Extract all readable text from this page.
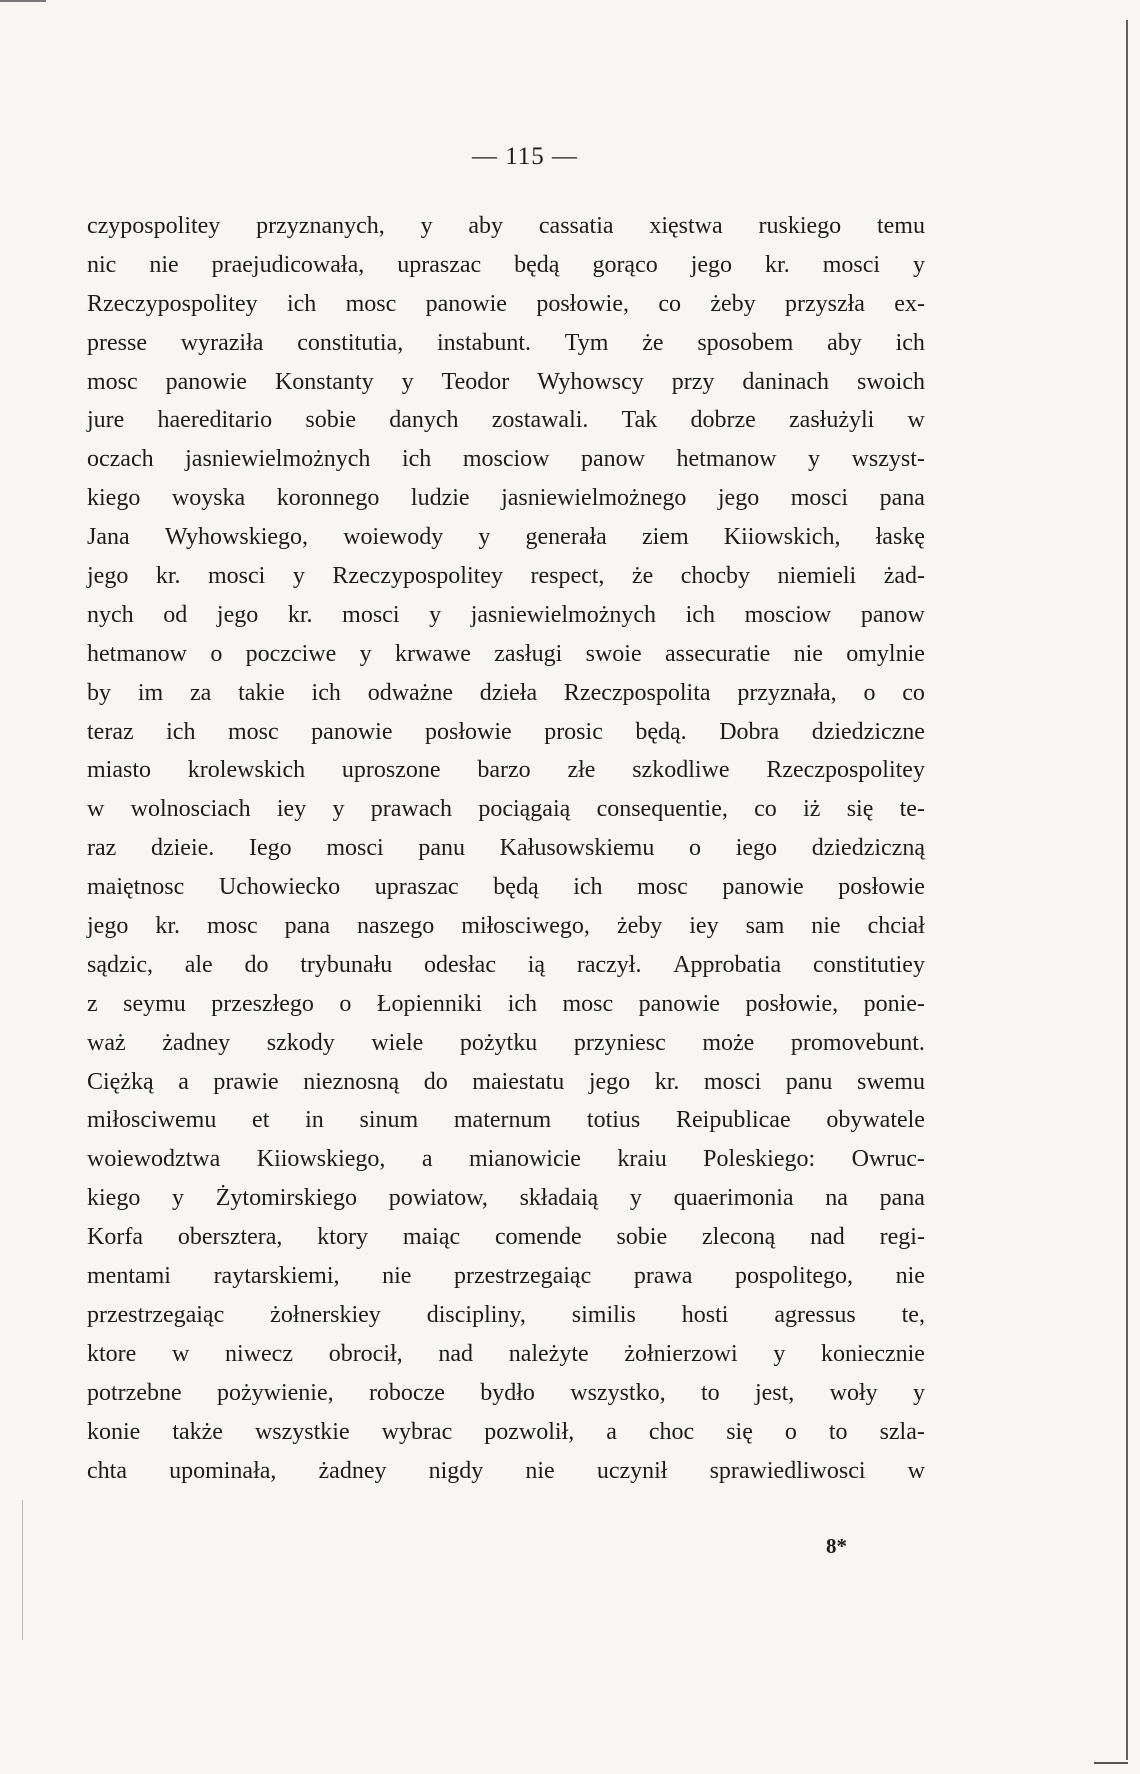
— 115 —
czypospolitey przyznanych, y aby cassatia xięstwa ruskiego temu
nic nie praejudicowała, upraszac będą gorąco jego kr. mosci y
Rzeczypospolitey ich mosc panowie posłowie, co żeby przyszła ex-
presse wyraziła constitutia, instabunt. Tym że sposobem aby ich
mosc panowie Konstanty y Teodor Wyhowscy przy daninach swoich
jure haereditario sobie danych zostawali. Tak dobrze zasłużyli w
oczach jasniewielmożnych ich mosciow panow hetmanow y wszyst-
kiego woyska koronnego ludzie jasniewielmożnego jego mosci pana
Jana Wyhowskiego, woiewody y generała ziem Kiiowskich, łaskę
jego kr. mosci y Rzeczypospolitey respect, że chocby niemieli żad-
nych od jego kr. mosci y jasniewielmożnych ich mosciow panow
hetmanow o poczciwe y krwawe zasługi swoie assecuratie nie omylnie
by im za takie ich odważne dzieła Rzeczpospolita przyznała, o co
teraz ich mosc panowie posłowie prosic będą. Dobra dziedziczne
miasto krolewskich uproszone barzo złe szkodliwe Rzeczpospolitey
w wolnosciach iey y prawach pociągaią consequentie, co iż się te-
raz dzieie. Iego mosci panu Kałusowskiemu o iego dziedziczną
maiętnosc Uchowiecko upraszac będą ich mosc panowie posłowie
jego kr. mosc pana naszego miłosciwego, żeby iey sam nie chciał
sądzic, ale do trybunału odesłac ią raczył. Approbatia constitutiey
z seymu przeszłego o Łopienniki ich mosc panowie posłowie, ponie-
waż żadney szkody wiele pożytku przyniesc może promovebunt.
Ciężką a prawie nieznosną do maiestatu jego kr. mosci panu swemu
miłosciwemu et in sinum maternum totius Reipublicae obywatele
woiewodztwa Kiiowskiego, a mianowicie kraiu Poleskiego: Owruc-
kiego y Żytomirskiego powiatow, składaią y quaerimonia na pana
Korfa obersztera, ktory maiąc comende sobie zleconą nad regi-
mentami raytarskiemi, nie przestrzegaiąc prawa pospolitego, nie
przestrzegaiąc żołnerskiey discipliny, similis hosti agressus te,
ktore w niwecz obrocił, nad należyte żołnierzowi y koniecznie
potrzebne pożywienie, robocze bydło wszystko, to jest, woły y
konie także wszystkie wybrac pozwolił, a choc się o to szla-
chta upominała, żadney nigdy nie uczynił sprawiedliwosci w
8*
